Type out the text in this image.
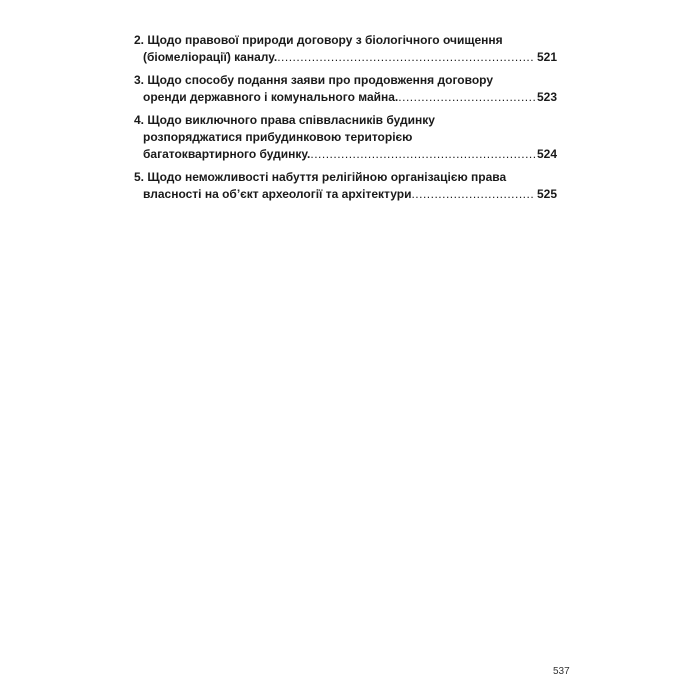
2. Щодо правової природи договору з біологічного очищення
(біомеліорації) каналу. .....	521
3. Щодо способу подання заяви про продовження договору
оренди державного і комунального майна. .....	523
4. Щодо виключного права співвласників будинку
розпоряджатися прибудинковою територією
багатоквартирного будинку. .....	524
5. Щодо неможливості набуття релігійною організацією права
власності на об’єкт археології та архітектури .....	525
537
